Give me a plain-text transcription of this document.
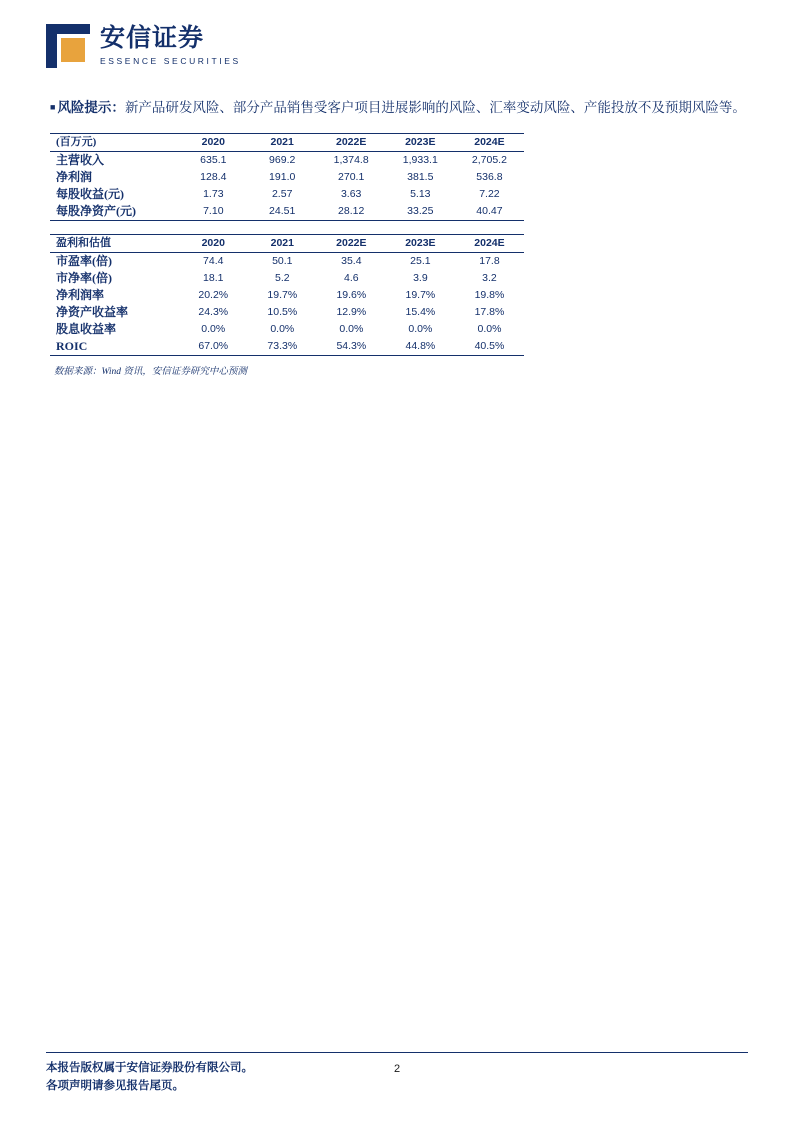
安信证券
ESSENCE SECURITIES
■ 风险提示：新产品研发风险、部分产品销售受客户项目进展影响的风险、汇率变动风险、产能投放不及预期风险等。
(百万元)	2020	2021	2022E	2023E	2024E
主营收入	635.1	969.2	1,374.8	1,933.1	2,705.2
净利润	128.4	191.0	270.1	381.5	536.8
每股收益(元)	1.73	2.57	3.63	5.13	7.22
每股净资产(元)	7.10	24.51	28.12	33.25	40.47
盈利和估值	2020	2021	2022E	2023E	2024E
市盈率(倍)	74.4	50.1	35.4	25.1	17.8
市净率(倍)	18.1	5.2	4.6	3.9	3.2
净利润率	20.2%	19.7%	19.6%	19.7%	19.8%
净资产收益率	24.3%	10.5%	12.9%	15.4%	17.8%
股息收益率	0.0%	0.0%	0.0%	0.0%	0.0%
ROIC	67.0%	73.3%	54.3%	44.8%	40.5%
数据来源：Wind 资讯，安信证券研究中心预测
本报告版权属于安信证券股份有限公司。
各项声明请参见报告尾页。
2
